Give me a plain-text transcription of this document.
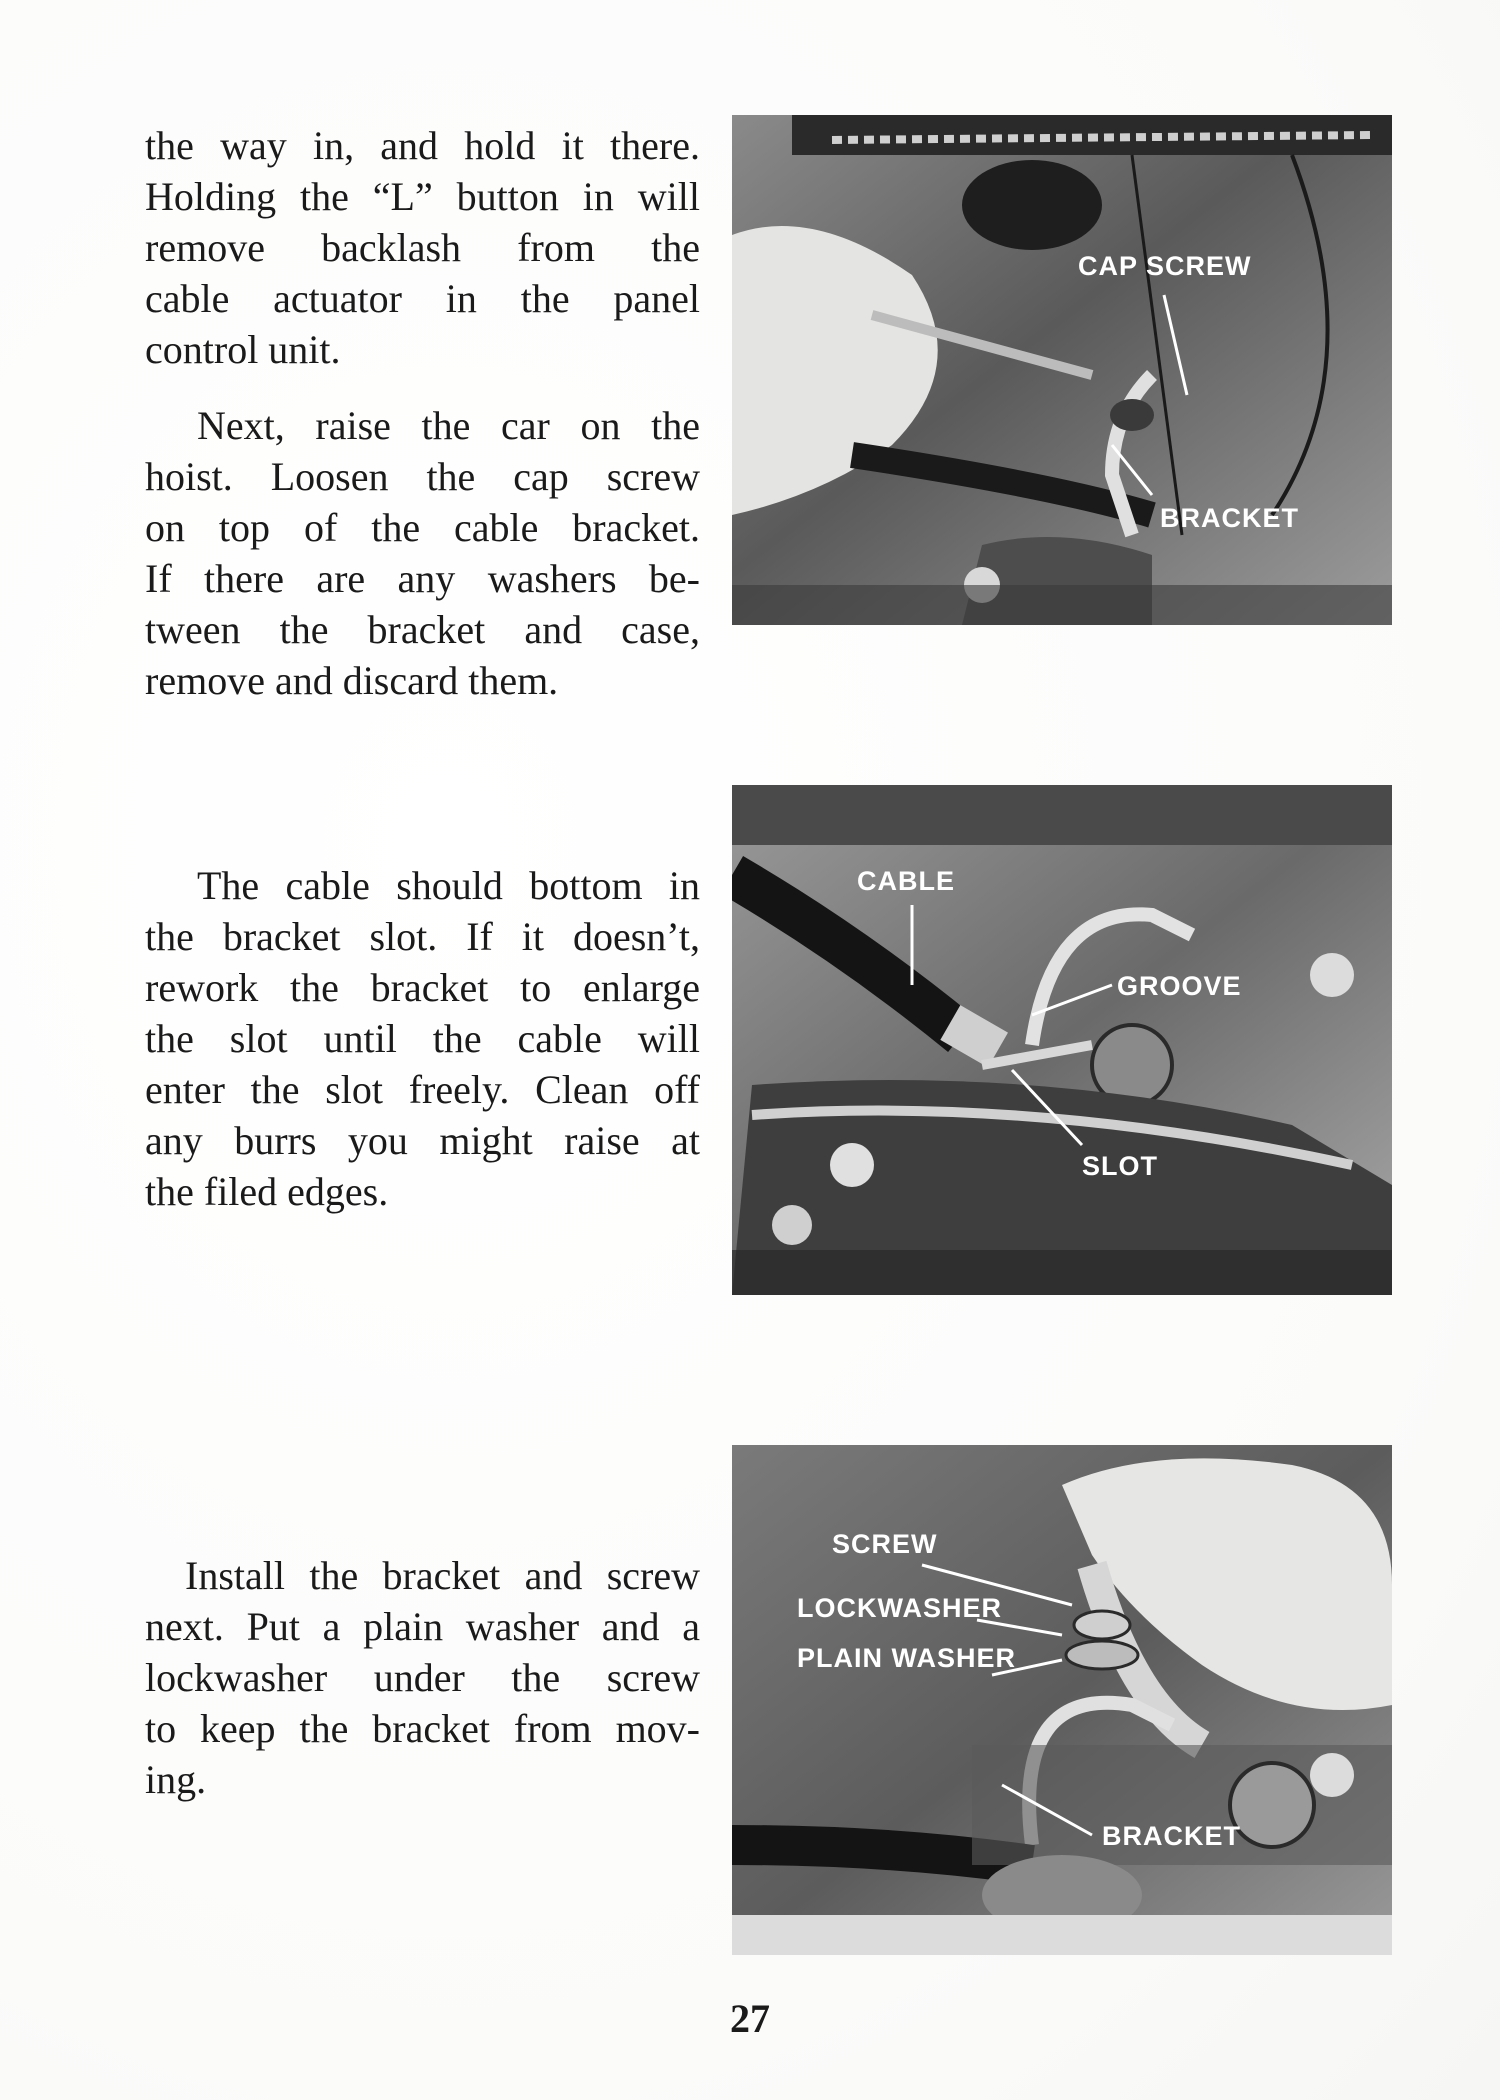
the way in, and hold it there.
Holding the “L” button in will
remove backlash from the
cable actuator in the panel
control unit.
Next, raise the car on the
hoist. Loosen the cap screw
on top of the cable bracket.
If there are any washers be-
tween the bracket and case,
remove and discard them.
The cable should bottom in
the bracket slot. If it doesn’t,
rework the bracket to enlarge
the slot until the cable will
enter the slot freely. Clean off
any burrs you might raise at
the filed edges.
Install the bracket and screw
next. Put a plain washer and a
lockwasher under the screw
to keep the bracket from mov-
ing.
CAP SCREW
BRACKET
CABLE
GROOVE
SLOT
SCREW
LOCKWASHER
PLAIN WASHER
BRACKET
27
